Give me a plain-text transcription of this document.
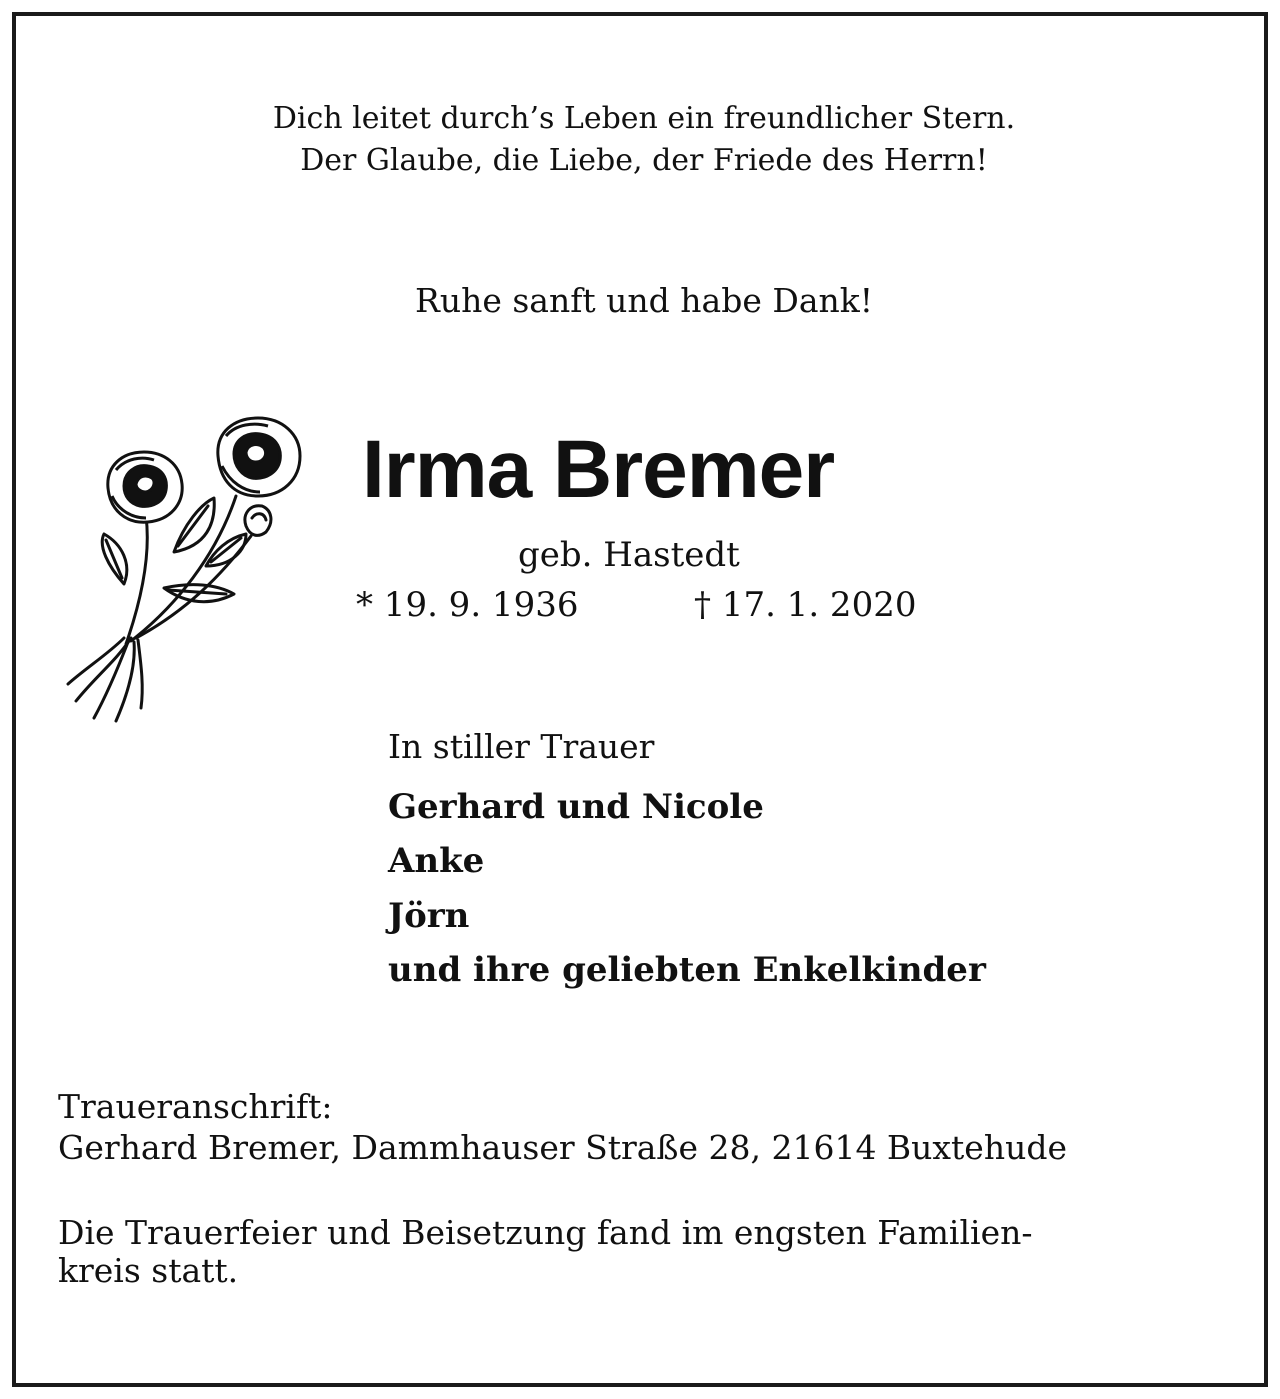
Dich leitet durch’s Leben ein freundlicher Stern.
Der Glaube, die Liebe, der Friede des Herrn!
Ruhe sanft und habe Dank!
Irma Bremer
geb. Hastedt
* 19. 9. 1936	† 17. 1. 2020
In stiller Trauer
Gerhard und Nicole
Anke
Jörn
und ihre geliebten Enkelkinder
Traueranschrift:
Gerhard Bremer, Dammhauser Straße 28, 21614 Buxtehude
Die Trauerfeier und Beisetzung fand im engsten Familien-
kreis statt.
